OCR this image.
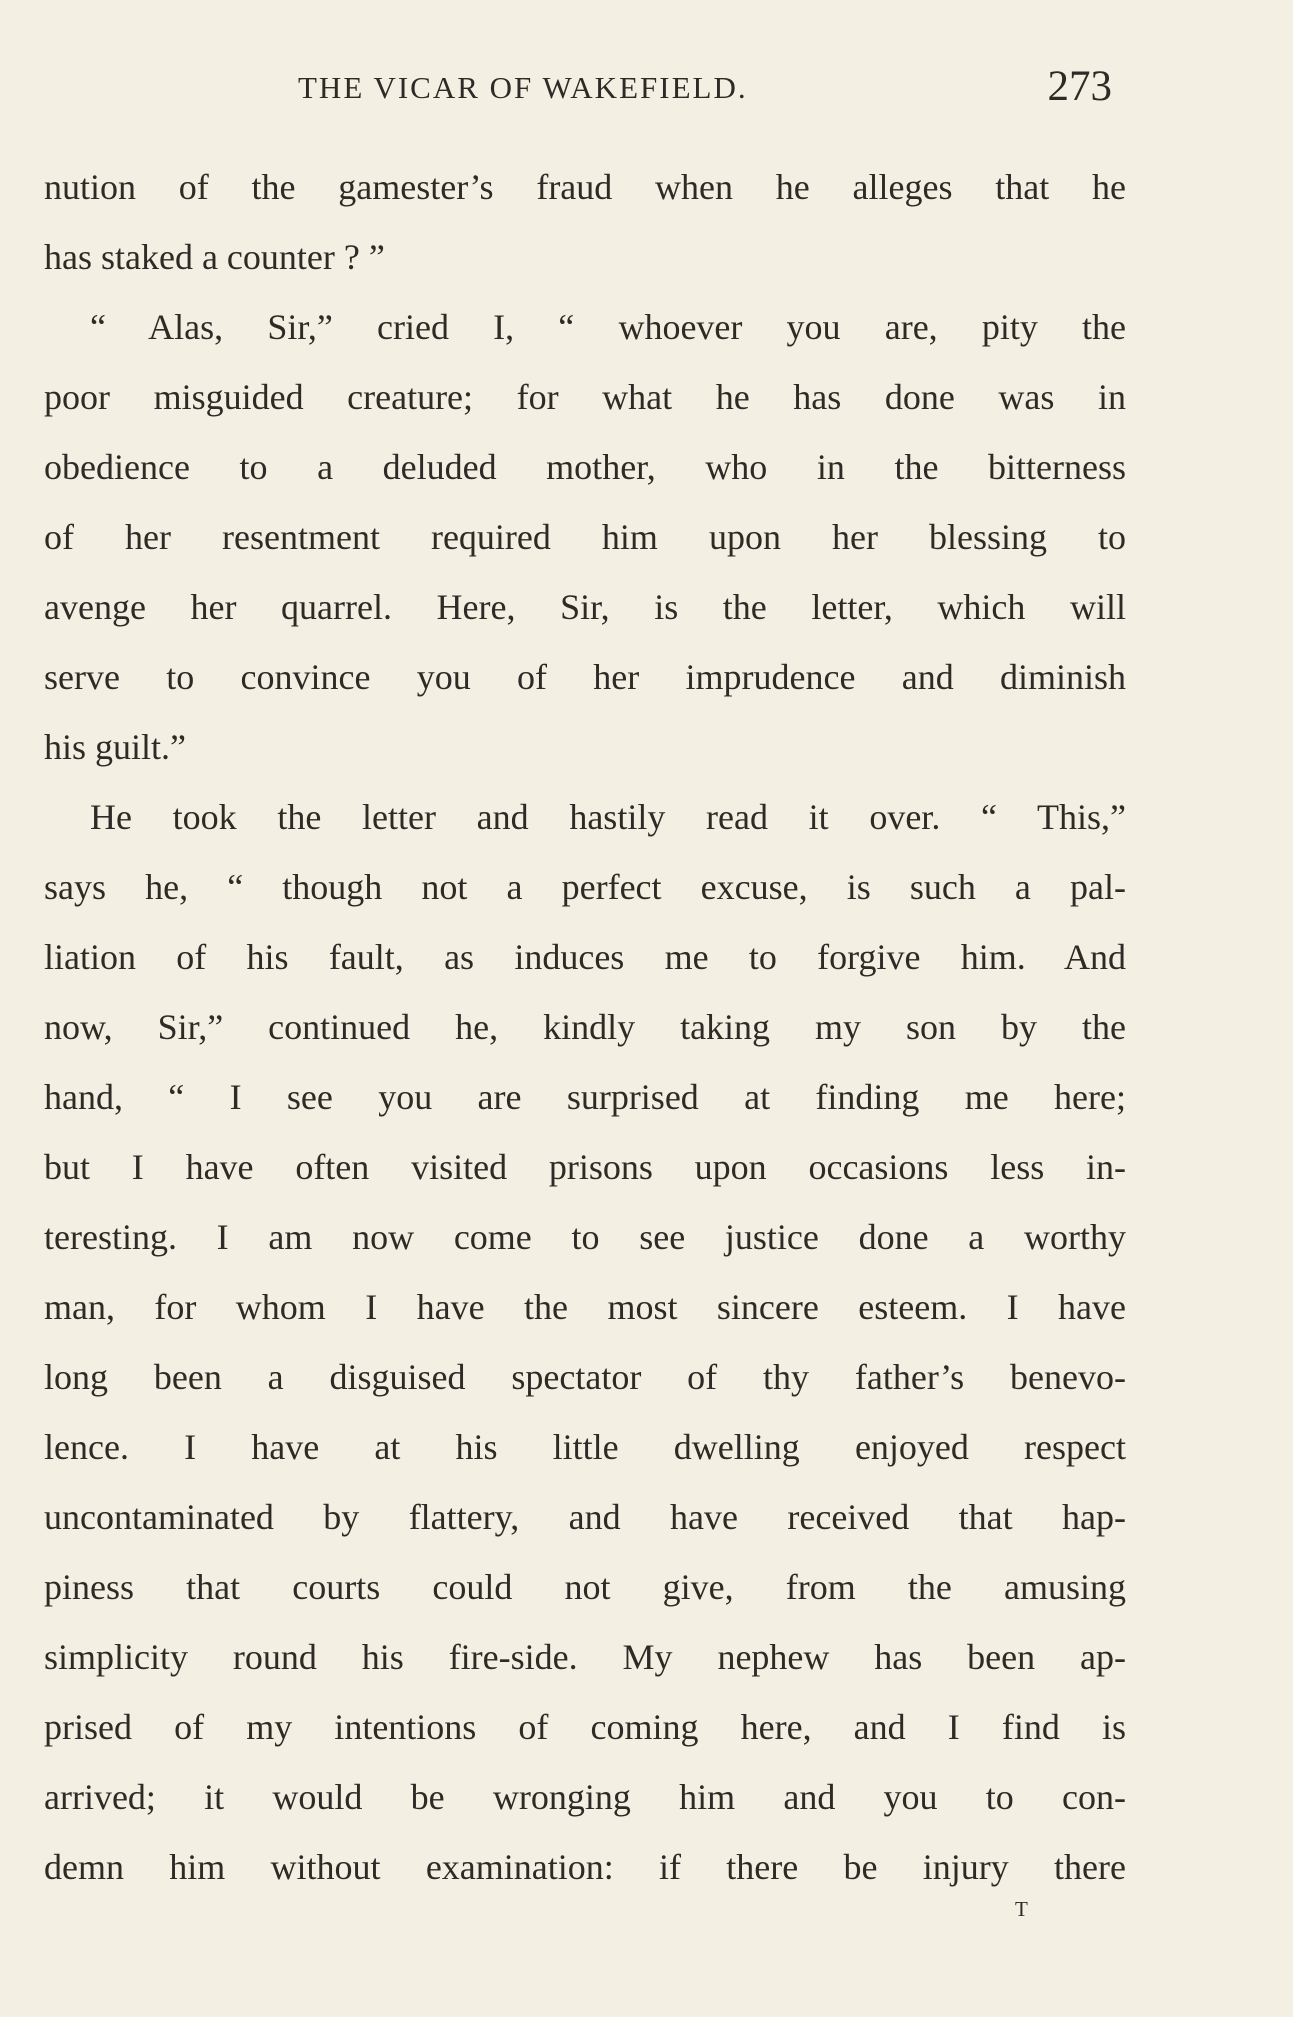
THE VICAR OF WAKEFIELD.	273
nution of the gamester’s fraud when he alleges that he
has staked a counter ? ”
“ Alas, Sir,” cried I, “ whoever you are, pity the
poor misguided creature; for what he has done was in
obedience to a deluded mother, who in the bitterness
of her resentment required him upon her blessing to
avenge her quarrel. Here, Sir, is the letter, which will
serve to convince you of her imprudence and diminish
his guilt.”
He took the letter and hastily read it over. “ This,”
says he, “ though not a perfect excuse, is such a pal-
liation of his fault, as induces me to forgive him. And
now, Sir,” continued he, kindly taking my son by the
hand, “ I see you are surprised at finding me here;
but I have often visited prisons upon occasions less in-
teresting. I am now come to see justice done a worthy
man, for whom I have the most sincere esteem. I have
long been a disguised spectator of thy father’s benevo-
lence. I have at his little dwelling enjoyed respect
uncontaminated by flattery, and have received that hap-
piness that courts could not give, from the amusing
simplicity round his fire-side. My nephew has been ap-
prised of my intentions of coming here, and I find is
arrived; it would be wronging him and you to con-
demn him without examination: if there be injury there
T
